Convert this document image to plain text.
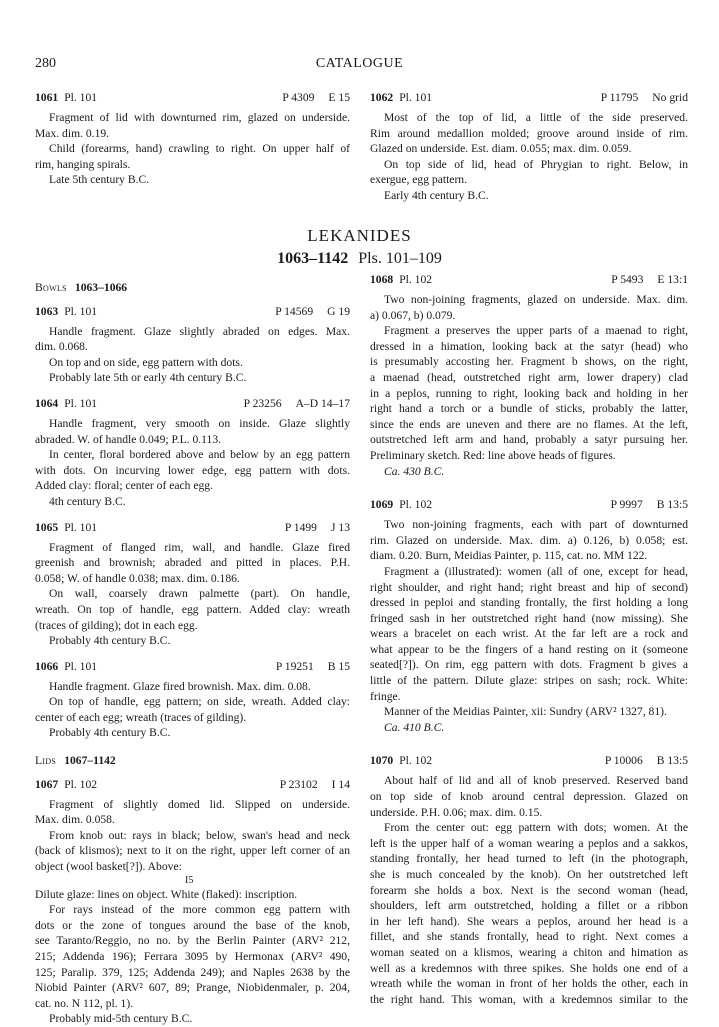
280	CATALOGUE
1061 Pl. 101	P 4309 E 15
Fragment of lid with downturned rim, glazed on underside.
Max. dim. 0.19.
Child (forearms, hand) crawling to right. On upper half of
rim, hanging spirals.
Late 5th century B.C.
1062 Pl. 101	P 11795 No grid
Most of the top of lid, a little of the side preserved.
Rim around medallion molded; groove around inside of rim.
Glazed on underside. Est. diam. 0.055; max. dim. 0.059.
On top side of lid, head of Phrygian to right. Below, in
exergue, egg pattern.
Early 4th century B.C.
LEKANIDES
1063–1142 Pls. 101–109
Bowls 1063–1066
1063 Pl. 101	P 14569 G 19
Handle fragment. Glaze slightly abraded on edges. Max.
dim. 0.068.
On top and on side, egg pattern with dots.
Probably late 5th or early 4th century B.C.
1064 Pl. 101	P 23256 A–D 14–17
Handle fragment, very smooth on inside. Glaze slightly
abraded. W. of handle 0.049; P.L. 0.113.
In center, floral bordered above and below by an egg pattern
with dots. On incurving lower edge, egg pattern with dots.
Added clay: floral; center of each egg.
4th century B.C.
1065 Pl. 101	P 1499 J 13
Fragment of flanged rim, wall, and handle. Glaze fired
greenish and brownish; abraded and pitted in places. P.H.
0.058; W. of handle 0.038; max. dim. 0.186.
On wall, coarsely drawn palmette (part). On handle,
wreath. On top of handle, egg pattern. Added clay: wreath
(traces of gilding); dot in each egg.
Probably 4th century B.C.
1066 Pl. 101	P 19251 B 15
Handle fragment. Glaze fired brownish. Max. dim. 0.08.
On top of handle, egg pattern; on side, wreath. Added clay:
center of each egg; wreath (traces of gilding).
Probably 4th century B.C.
Lids 1067–1142
1067 Pl. 102	P 23102 I 14
Fragment of slightly domed lid. Slipped on underside.
Max. dim. 0.058.
From knob out: rays in black; below, swan's head and neck
(back of klismos); next to it on the right, upper left corner of an
object (wool basket[?]). Above:
Ι5
Dilute glaze: lines on object. White (flaked): inscription.
For rays instead of the more common egg pattern with
dots or the zone of tongues around the base of the knob,
see Taranto/Reggio, no no. by the Berlin Painter (ARV² 212,
215; Addenda 196); Ferrara 3095 by Hermonax (ARV² 490,
125; Paralip. 379, 125; Addenda 249); and Naples 2638 by the
Niobid Painter (ARV² 607, 89; Prange, Niobidenmaler, p. 204,
cat. no. N 112, pl. 1).
Probably mid-5th century B.C.
1068 Pl. 102	P 5493 E 13:1
Two non-joining fragments, glazed on underside. Max. dim.
a) 0.067, b) 0.079.
Fragment a preserves the upper parts of a maenad to right,
dressed in a himation, looking back at the satyr (head) who
is presumably accosting her. Fragment b shows, on the right,
a maenad (head, outstretched right arm, lower drapery) clad
in a peplos, running to right, looking back and holding in her
right hand a torch or a bundle of sticks, probably the latter,
since the ends are uneven and there are no flames. At the left,
outstretched left arm and hand, probably a satyr pursuing her.
Preliminary sketch. Red: line above heads of figures.
Ca. 430 B.C.
1069 Pl. 102	P 9997 B 13:5
Two non-joining fragments, each with part of downturned
rim. Glazed on underside. Max. dim. a) 0.126, b) 0.058; est.
diam. 0.20. Burn, Meidias Painter, p. 115, cat. no. MM 122.
Fragment a (illustrated): women (all of one, except for head,
right shoulder, and right hand; right breast and hip of second)
dressed in peploi and standing frontally, the first holding a long
fringed sash in her outstretched right hand (now missing). She
wears a bracelet on each wrist. At the far left are a rock and
what appear to be the fingers of a hand resting on it (someone
seated[?]). On rim, egg pattern with dots. Fragment b gives a
little of the pattern. Dilute glaze: stripes on sash; rock. White:
fringe.
Manner of the Meidias Painter, xii: Sundry (ARV² 1327, 81).
Ca. 410 B.C.
1070 Pl. 102	P 10006 B 13:5
About half of lid and all of knob preserved. Reserved band
on top side of knob around central depression. Glazed on
underside. P.H. 0.06; max. dim. 0.15.
From the center out: egg pattern with dots; women. At the
left is the upper half of a woman wearing a peplos and a sakkos,
standing frontally, her head turned to left (in the photograph,
she is much concealed by the knob). On her outstretched left
forearm she holds a box. Next is the second woman (head,
shoulders, left arm outstretched, holding a fillet or a ribbon
in her left hand). She wears a peplos, around her head is a
fillet, and she stands frontally, head to right. Next comes a
woman seated on a klismos, wearing a chiton and himation as
well as a kredemnos with three spikes. She holds one end of a
wreath while the woman in front of her holds the other, each in
the right hand. This woman, with a kredemnos similar to the
